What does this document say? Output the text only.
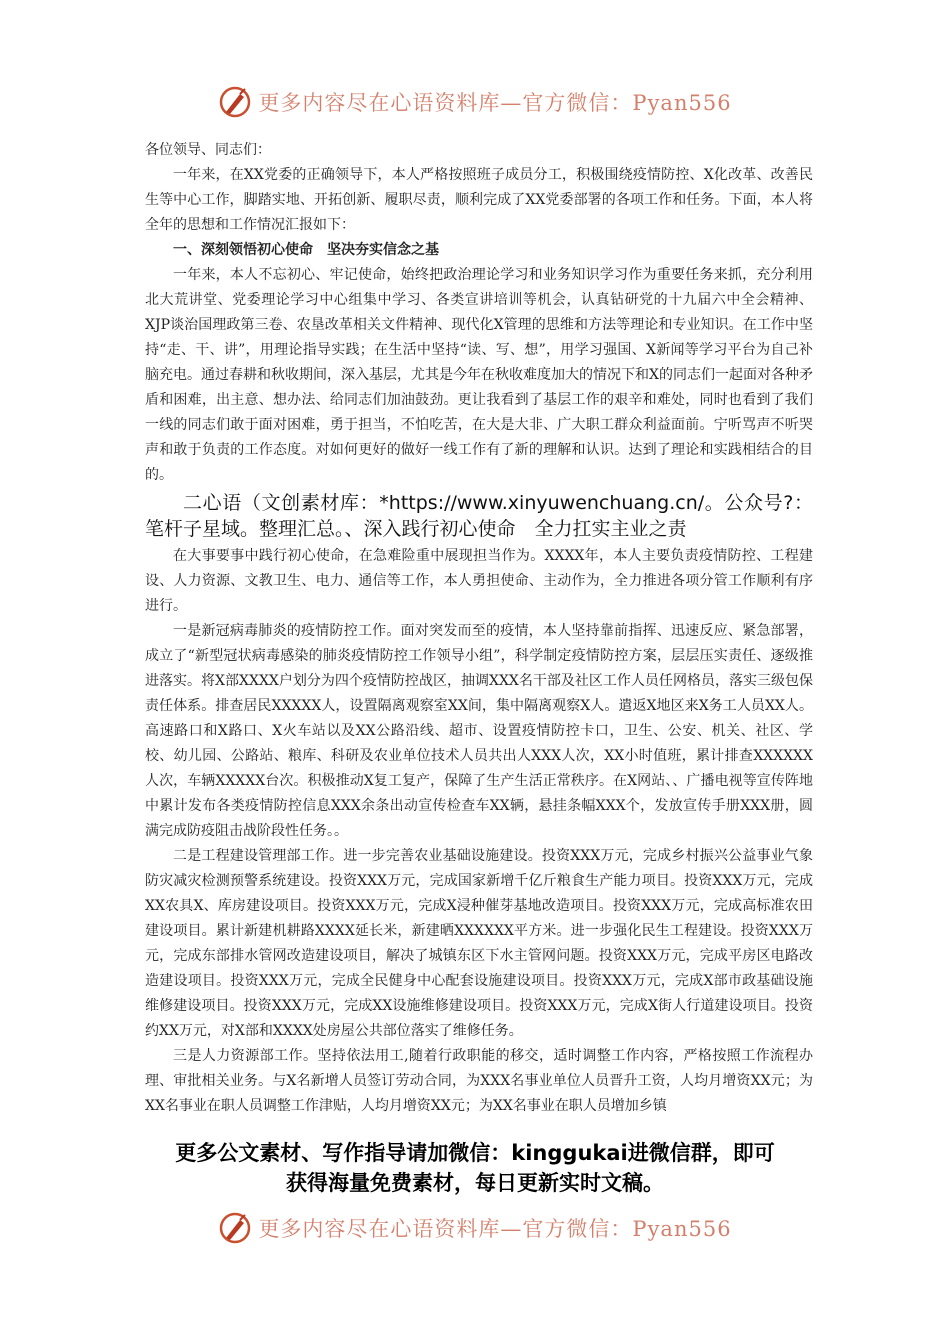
更多内容尽在心语资料库—官方微信：Pyan556

各位领导、同志们：

一年来，在XX党委的正确领导下，本人严格按照班子成员分工，积极围绕疫情防控、X化改革、改善民生等中心工作，脚踏实地、开拓创新、履职尽责，顺利完成了XX党委部署的各项工作和任务。下面，本人将全年的思想和工作情况汇报如下：

一、深刻领悟初心使命　坚决夯实信念之基

一年来，本人不忘初心、牢记使命，始终把政治理论学习和业务知识学习作为重要任务来抓，充分利用北大荒讲堂、党委理论学习中心组集中学习、各类宣讲培训等机会，认真钻研党的十九届六中全会精神、XJP谈治国理政第三卷、农垦改革相关文件精神、现代化X管理的思维和方法等理论和专业知识。在工作中坚持“走、干、讲”，用理论指导实践；在生活中坚持“读、写、想”，用学习强国、X新闻等学习平台为自己补脑充电。通过春耕和秋收期间，深入基层，尤其是今年在秋收难度加大的情况下和X的同志们一起面对各种矛盾和困难，出主意、想办法、给同志们加油鼓劲。更让我看到了基层工作的艰辛和难处，同时也看到了我们一线的同志们敢于面对困难，勇于担当，不怕吃苦，在大是大非、广大职工群众利益面前。宁听骂声不听哭声和敢于负责的工作态度。对如何更好的做好一线工作有了新的理解和认识。达到了理论和实践相结合的目的。

二心语（文创素材库：*https://www.xinyuwenchuang.cn/。公众号?：笔杆子星域。整理汇总。、深入践行初心使命　全力扛实主业之责

在大事要事中践行初心使命，在急难险重中展现担当作为。XXXX年，本人主要负责疫情防控、工程建设、人力资源、文教卫生、电力、通信等工作，本人勇担使命、主动作为，全力推进各项分管工作顺利有序进行。

一是新冠病毒肺炎的疫情防控工作。面对突发而至的疫情，本人坚持靠前指挥、迅速反应、紧急部署，成立了“新型冠状病毒感染的肺炎疫情防控工作领导小组”，科学制定疫情防控方案，层层压实责任、逐级推进落实。将X部XXXX户划分为四个疫情防控战区，抽调XXX名干部及社区工作人员任网格员，落实三级包保责任体系。排查居民XXXXX人，设置隔离观察室XX间，集中隔离观察X人。遣返X地区来X务工人员XX人。高速路口和X路口、X火车站以及XX公路沿线、超市、设置疫情防控卡口，卫生、公安、机关、社区、学校、幼儿园、公路站、粮库、科研及农业单位技术人员共出人XXX人次，XX小时值班，累计排查XXXXXX人次，车辆XXXXX台次。积极推动X复工复产，保障了生产生活正常秩序。在X网站、、广播电视等宣传阵地中累计发布各类疫情防控信息XXX余条出动宣传检查车XX辆，悬挂条幅XXX个，发放宣传手册XXX册，圆满完成防疫阻击战阶段性任务。。

二是工程建设管理部工作。进一步完善农业基础设施建设。投资XXX万元，完成乡村振兴公益事业气象防灾减灾检测预警系统建设。投资XXX万元，完成国家新增千亿斤粮食生产能力项目。投资XXX万元，完成XX农具X、库房建设项目。投资XXX万元，完成X浸种催芽基地改造项目。投资XXX万元，完成高标准农田建设项目。累计新建机耕路XXXX延长米，新建晒XXXXXX平方米。进一步强化民生工程建设。投资XXX万元，完成东部排水管网改造建设项目，解决了城镇东区下水主管网问题。投资XXX万元，完成平房区电路改造建设项目。投资XXX万元，完成全民健身中心配套设施建设项目。投资XXX万元，完成X部市政基础设施维修建设项目。投资XXX万元，完成XX设施维修建设项目。投资XXX万元，完成X街人行道建设项目。投资约XX万元，对X部和XXXX处房屋公共部位落实了维修任务。

三是人力资源部工作。坚持依法用工,随着行政职能的移交，适时调整工作内容，严格按照工作流程办理、审批相关业务。与X名新增人员签订劳动合同，为XXX名事业单位人员晋升工资，人均月增资XX元；为XX名事业在职人员调整工作津贴，人均月增资XX元；为XX名事业在职人员增加乡镇

更多公文素材、写作指导请加微信：kinggukai进微信群，即可
获得海量免费素材，每日更新实时文稿。
更多内容尽在心语资料库—官方微信：Pyan556
